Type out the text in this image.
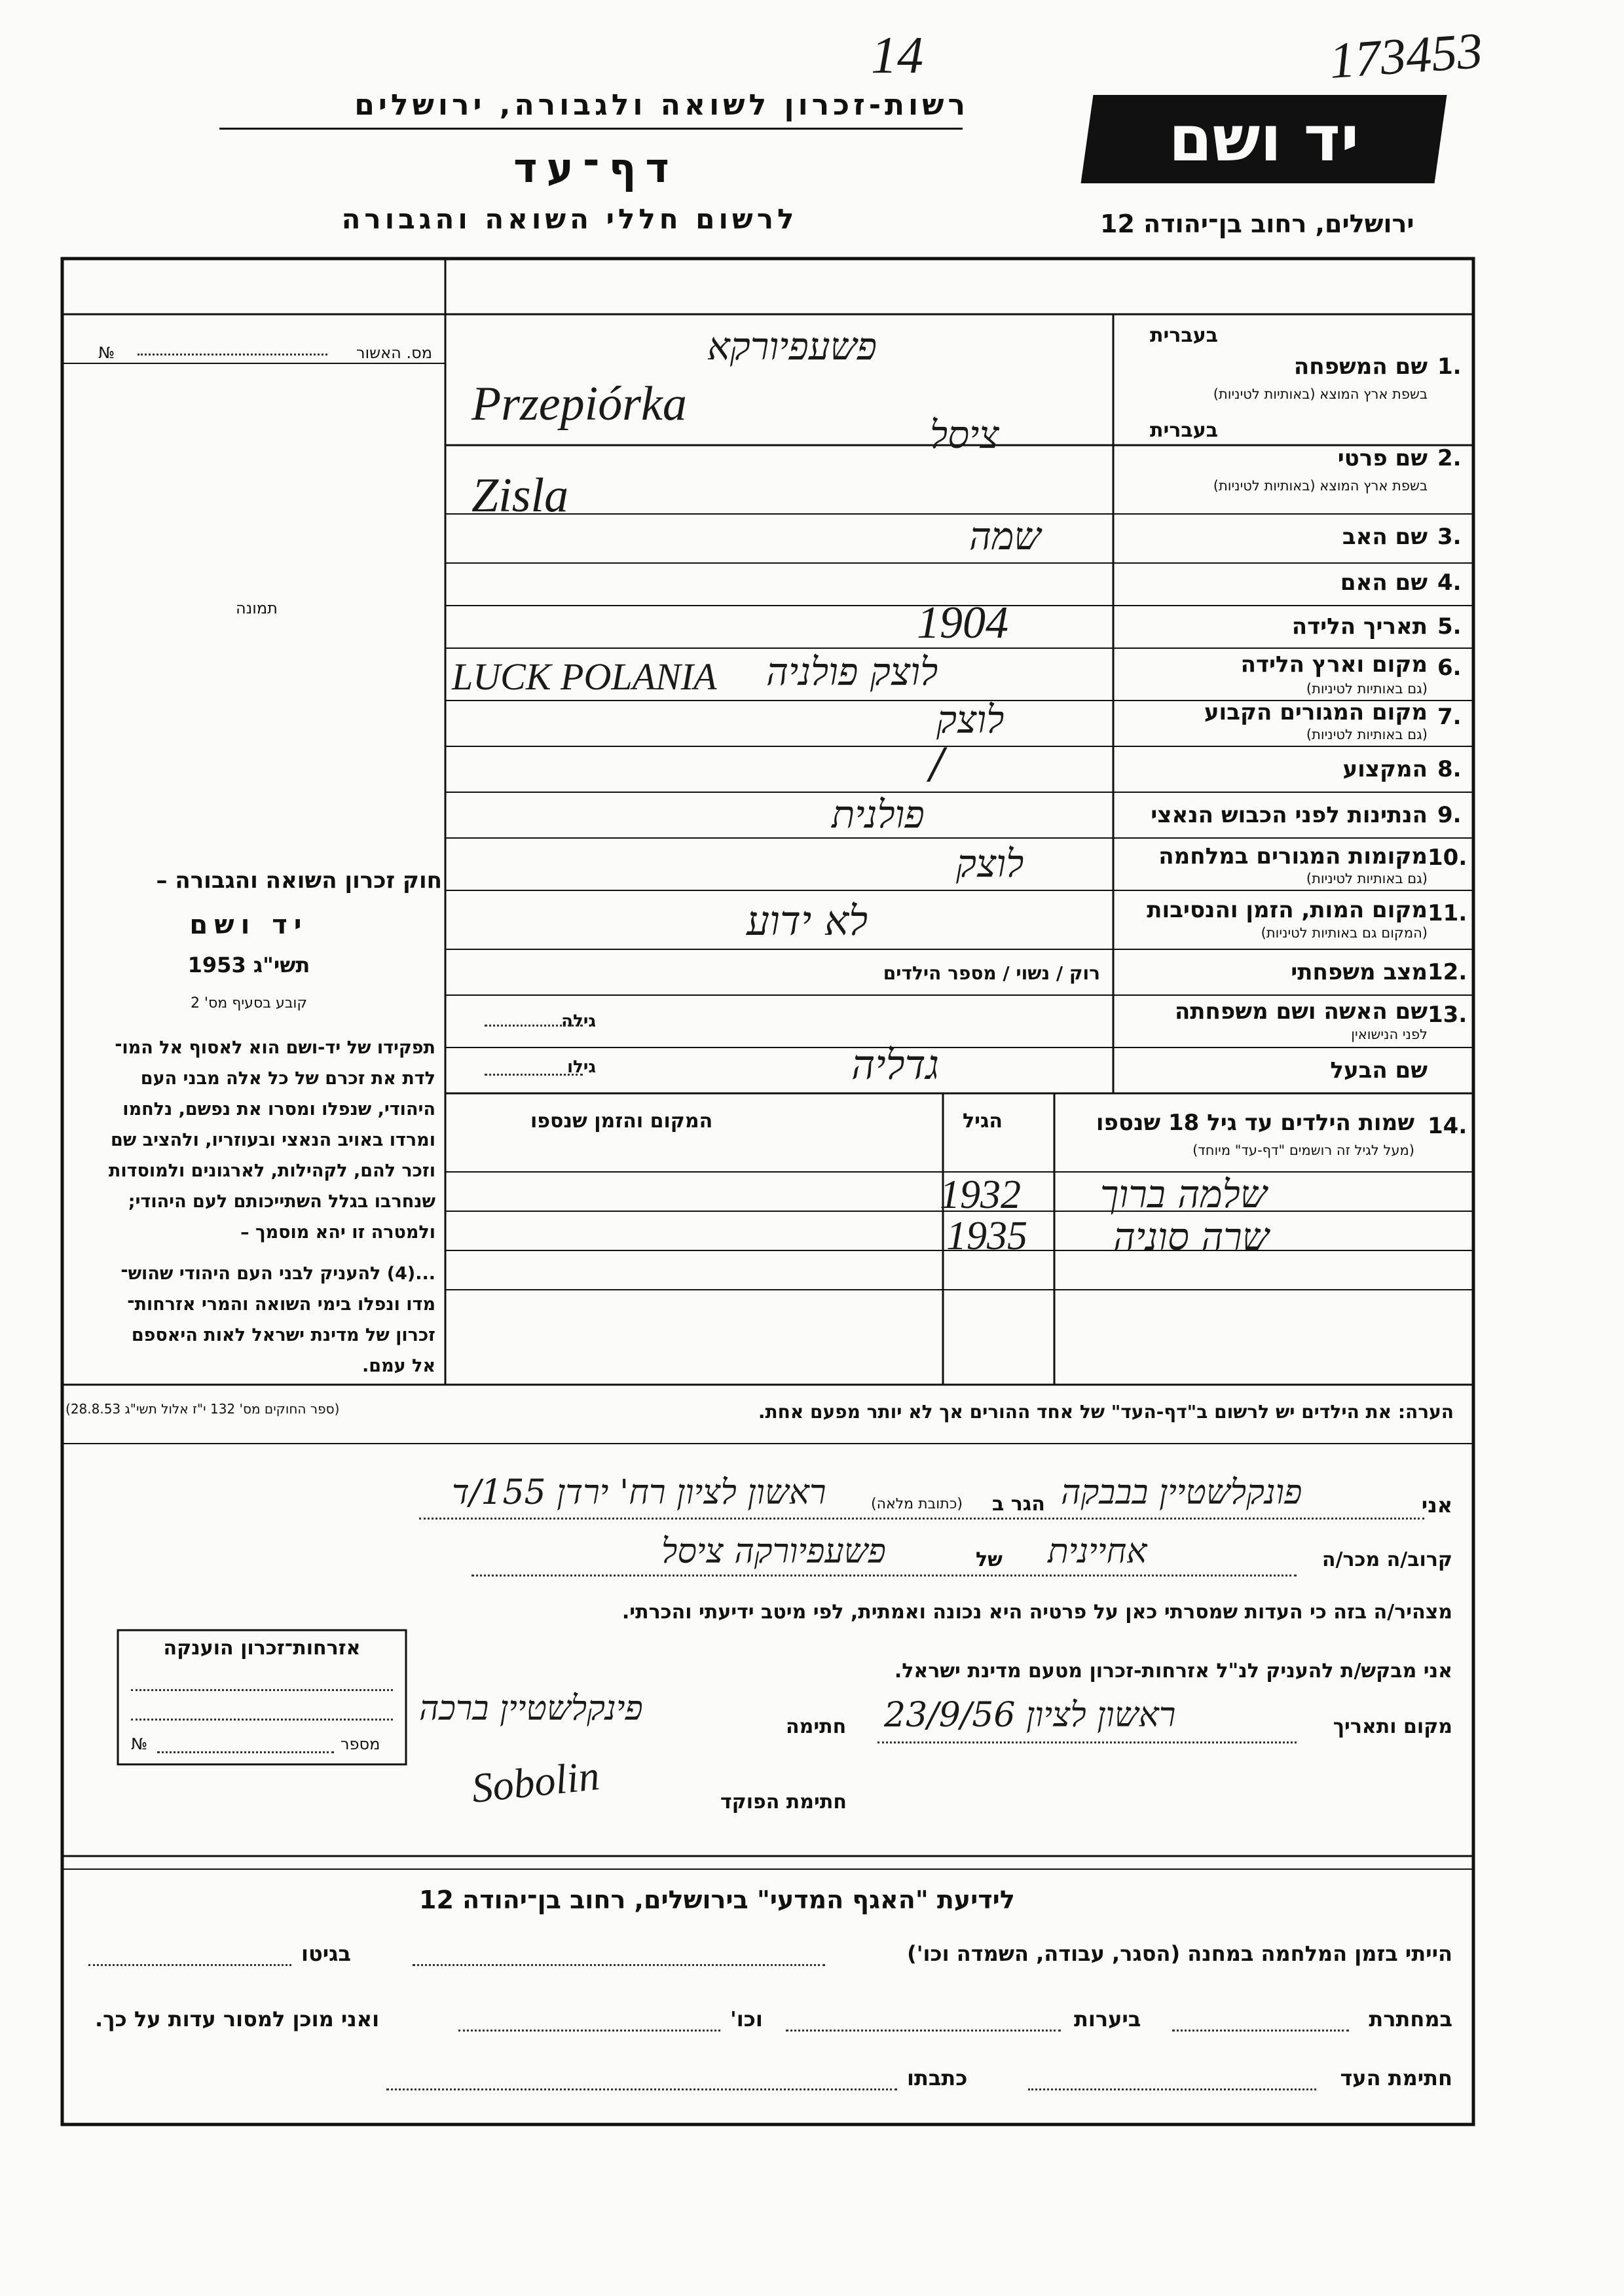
14	173453
רשות-זכרון לשואה ולגבורה, ירושלים
דף־עד
לרשום חללי השואה והגבורה
יד ושם
ירושלים, רחוב בן־יהודה 12
מס. האשור
№
תמונה
חוק זכרון השואה והגבורה –
יד ושם
תשי"ג 1953
קובע בסעיף מס' 2
תפקידו של יד-ושם הוא לאסוף אל המו־
לדת את זכרם של כל אלה מבני העם
היהודי, שנפלו ומסרו את נפשם, נלחמו
ומרדו באויב הנאצי ובעוזריו, ולהציב שם
וזכר להם, לקהילות, לארגונים ולמוסדות
שנחרבו בגלל השתייכותם לעם היהודי;
ולמטרה זו יהא מוסמך –
...(4) להעניק לבני העם היהודי שהוש־
מדו ונפלו בימי השואה והמרי אזרחות־
זכרון של מדינת ישראל לאות היאספם
אל עמם.
(ספר החוקים מס' 132 י"ז אלול תשי"ג 28.8.53)
בעברית
1.
שם המשפחה
בשפת ארץ המוצא (באותיות לטיניות)
בעברית
2.
שם פרטי
בשפת ארץ המוצא (באותיות לטיניות)
3.
שם האב
4.
שם האם
5.
תאריך הלידה
6.
מקום וארץ הלידה
(גם באותיות לטיניות)
7.
מקום המגורים הקבוע
(גם באותיות לטיניות)
8.
המקצוע
9.
הנתינות לפני הכבוש הנאצי
10.
מקומות המגורים במלחמה
(גם באותיות לטיניות)
11.
מקום המות, הזמן והנסיבות
(המקום גם באותיות לטיניות)
12.
מצב משפחתי
רוק / נשוי / מספר הילדים
13.
שם האשה ושם משפחתה
לפני הנישואין
גילה
שם הבעל
גילו
פשעפיורקא
Przepiórka
ציסל
Zisla
שמה
1904
LUCK POLANIA לוצק פולניה
לוצק
/
פולנית
לוצק
לא ידוע
גדליה
14.
שמות הילדים עד גיל 18 שנספו
(מעל לגיל זה רושמים "דף-עד" מיוחד)
הגיל
המקום והזמן שנספו
שלמה ברוך
1932
שרה סוניה
1935
הערה: את הילדים יש לרשום ב"דף-העד" של אחד ההורים אך לא יותר מפעם אחת.
אני
פונקלשטיין בבבקה
הגר ב
(כתובת מלאה)
ראשון לציון רח' ירדן 155/ד
קרוב/ה מכר/ה
אחיינית
של
פשעפיורקה ציסל
מצהיר/ה בזה כי העדות שמסרתי כאן על פרטיה היא נכונה ואמתית, לפי מיטב ידיעתי והכרתי.
אני מבקש/ת להעניק לנ"ל אזרחות-זכרון מטעם מדינת ישראל.
מקום ותאריך
ראשון לציון 23/9/56
חתימה
פינקלשטיין ברכה
Sobolin	חתימת הפוקד
אזרחות־זכרון הוענקה
מספר
№
לידיעת "האגף המדעי" בירושלים, רחוב בן־יהודה 12
הייתי בזמן המלחמה במחנה (הסגר, עבודה, השמדה וכו')
בגיטו
במחתרת
ביערות
וכו'
ואני מוכן למסור עדות על כך.
חתימת העד
כתבתו
